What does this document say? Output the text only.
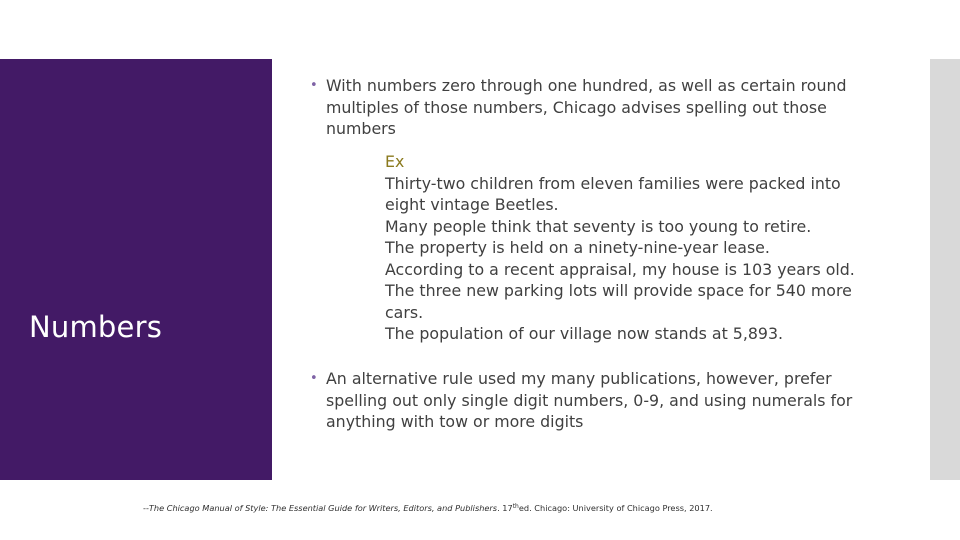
Numbers
• With numbers zero through one hundred, as well as certain round multiples of those numbers, Chicago advises spelling out those numbers
Ex
Thirty-two children from eleven families were packed into eight vintage Beetles.
Many people think that seventy is too young to retire.
The property is held on a ninety-nine-year lease.
According to a recent appraisal, my house is 103 years old.
The three new parking lots will provide space for 540 more cars.
The population of our village now stands at 5,893.
• An alternative rule used my many publications, however, prefer spelling out only single digit numbers, 0-9, and using numerals for anything with tow or more digits
--The Chicago Manual of Style: The Essential Guide for Writers, Editors, and Publishers. 17thed. Chicago: University of Chicago Press, 2017.
